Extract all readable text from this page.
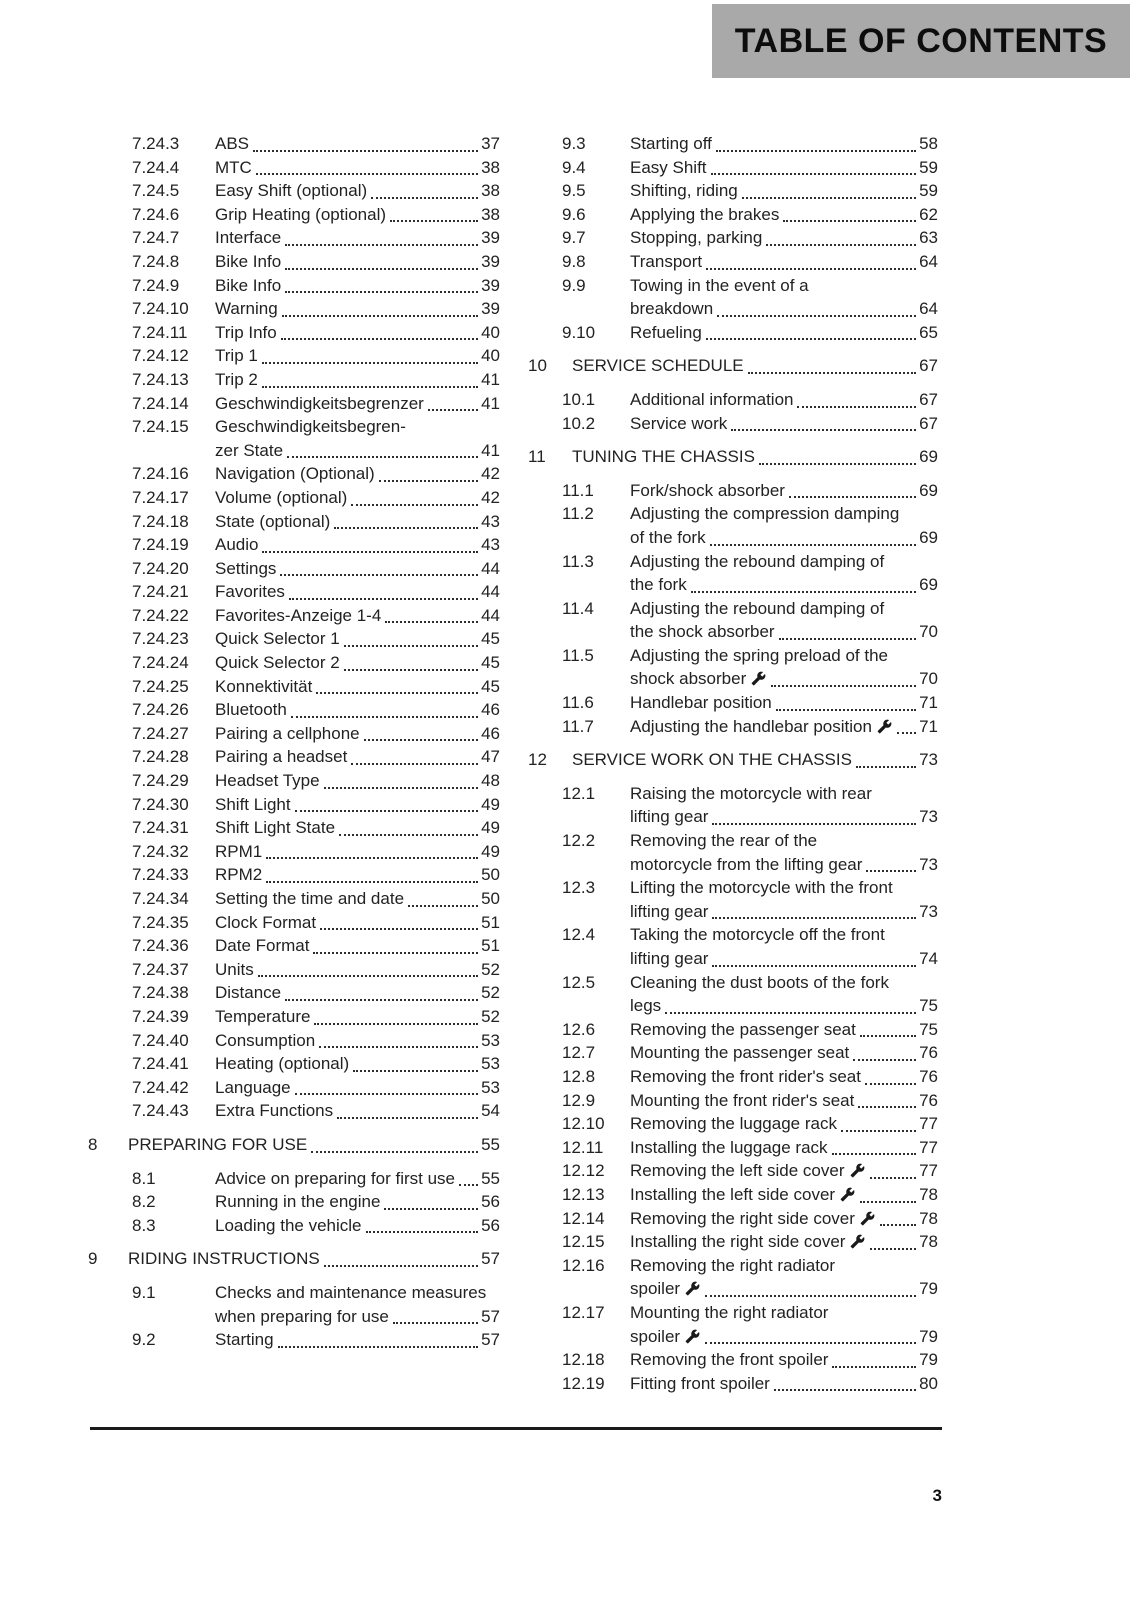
TABLE OF CONTENTS
7.24.3	ABS	37
7.24.4	MTC	38
7.24.5	Easy Shift (optional)	38
7.24.6	Grip Heating (optional)	38
7.24.7	Interface	39
7.24.8	Bike Info	39
7.24.9	Bike Info	39
7.24.10	Warning	39
7.24.11	Trip Info	40
7.24.12	Trip 1	40
7.24.13	Trip 2	41
7.24.14	Geschwindigkeitsbegrenzer	41
7.24.15	Geschwindigkeitsbegren-
zer State	41
7.24.16	Navigation (Optional)	42
7.24.17	Volume (optional)	42
7.24.18	State (optional)	43
7.24.19	Audio	43
7.24.20	Settings	44
7.24.21	Favorites	44
7.24.22	Favorites-Anzeige 1-4	44
7.24.23	Quick Selector 1	45
7.24.24	Quick Selector 2	45
7.24.25	Konnektivität	45
7.24.26	Bluetooth	46
7.24.27	Pairing a cellphone	46
7.24.28	Pairing a headset	47
7.24.29	Headset Type	48
7.24.30	Shift Light	49
7.24.31	Shift Light State	49
7.24.32	RPM1	49
7.24.33	RPM2	50
7.24.34	Setting the time and date	50
7.24.35	Clock Format	51
7.24.36	Date Format	51
7.24.37	Units	52
7.24.38	Distance	52
7.24.39	Temperature	52
7.24.40	Consumption	53
7.24.41	Heating (optional)	53
7.24.42	Language	53
7.24.43	Extra Functions	54
8	PREPARING FOR USE	55
8.1	Advice on preparing for first use 55
8.2	Running in the engine	56
8.3	Loading the vehicle	56
9	RIDING INSTRUCTIONS	57
9.1	Checks and maintenance measures
when preparing for use	57
9.2	Starting	57
9.3	Starting off	58
9.4	Easy Shift	59
9.5	Shifting, riding	59
9.6	Applying the brakes	62
9.7	Stopping, parking	63
9.8	Transport	64
9.9	Towing in the event of a
breakdown	64
9.10	Refueling	65
10	SERVICE SCHEDULE	67
10.1	Additional information	67
10.2	Service work	67
11	TUNING THE CHASSIS	69
11.1	Fork/shock absorber	69
11.2	Adjusting the compression damping
of the fork	69
11.3	Adjusting the rebound damping of
the fork	69
11.4	Adjusting the rebound damping of
the shock absorber	70
11.5	Adjusting the spring preload of the
shock absorber	70
11.6	Handlebar position	71
11.7	Adjusting the handlebar position	71
12	SERVICE WORK ON THE CHASSIS	73
12.1	Raising the motorcycle with rear
lifting gear	73
12.2	Removing the rear of the
motorcycle from the lifting gear	73
12.3	Lifting the motorcycle with the front
lifting gear	73
12.4	Taking the motorcycle off the front
lifting gear	74
12.5	Cleaning the dust boots of the fork
legs	75
12.6	Removing the passenger seat	75
12.7	Mounting the passenger seat	76
12.8	Removing the front rider's seat	76
12.9	Mounting the front rider's seat	76
12.10	Removing the luggage rack	77
12.11	Installing the luggage rack	77
12.12	Removing the left side cover	77
12.13	Installing the left side cover	78
12.14	Removing the right side cover	78
12.15	Installing the right side cover	78
12.16	Removing the right radiator
spoiler	79
12.17	Mounting the right radiator
spoiler	79
12.18	Removing the front spoiler	79
12.19	Fitting front spoiler	80
3
